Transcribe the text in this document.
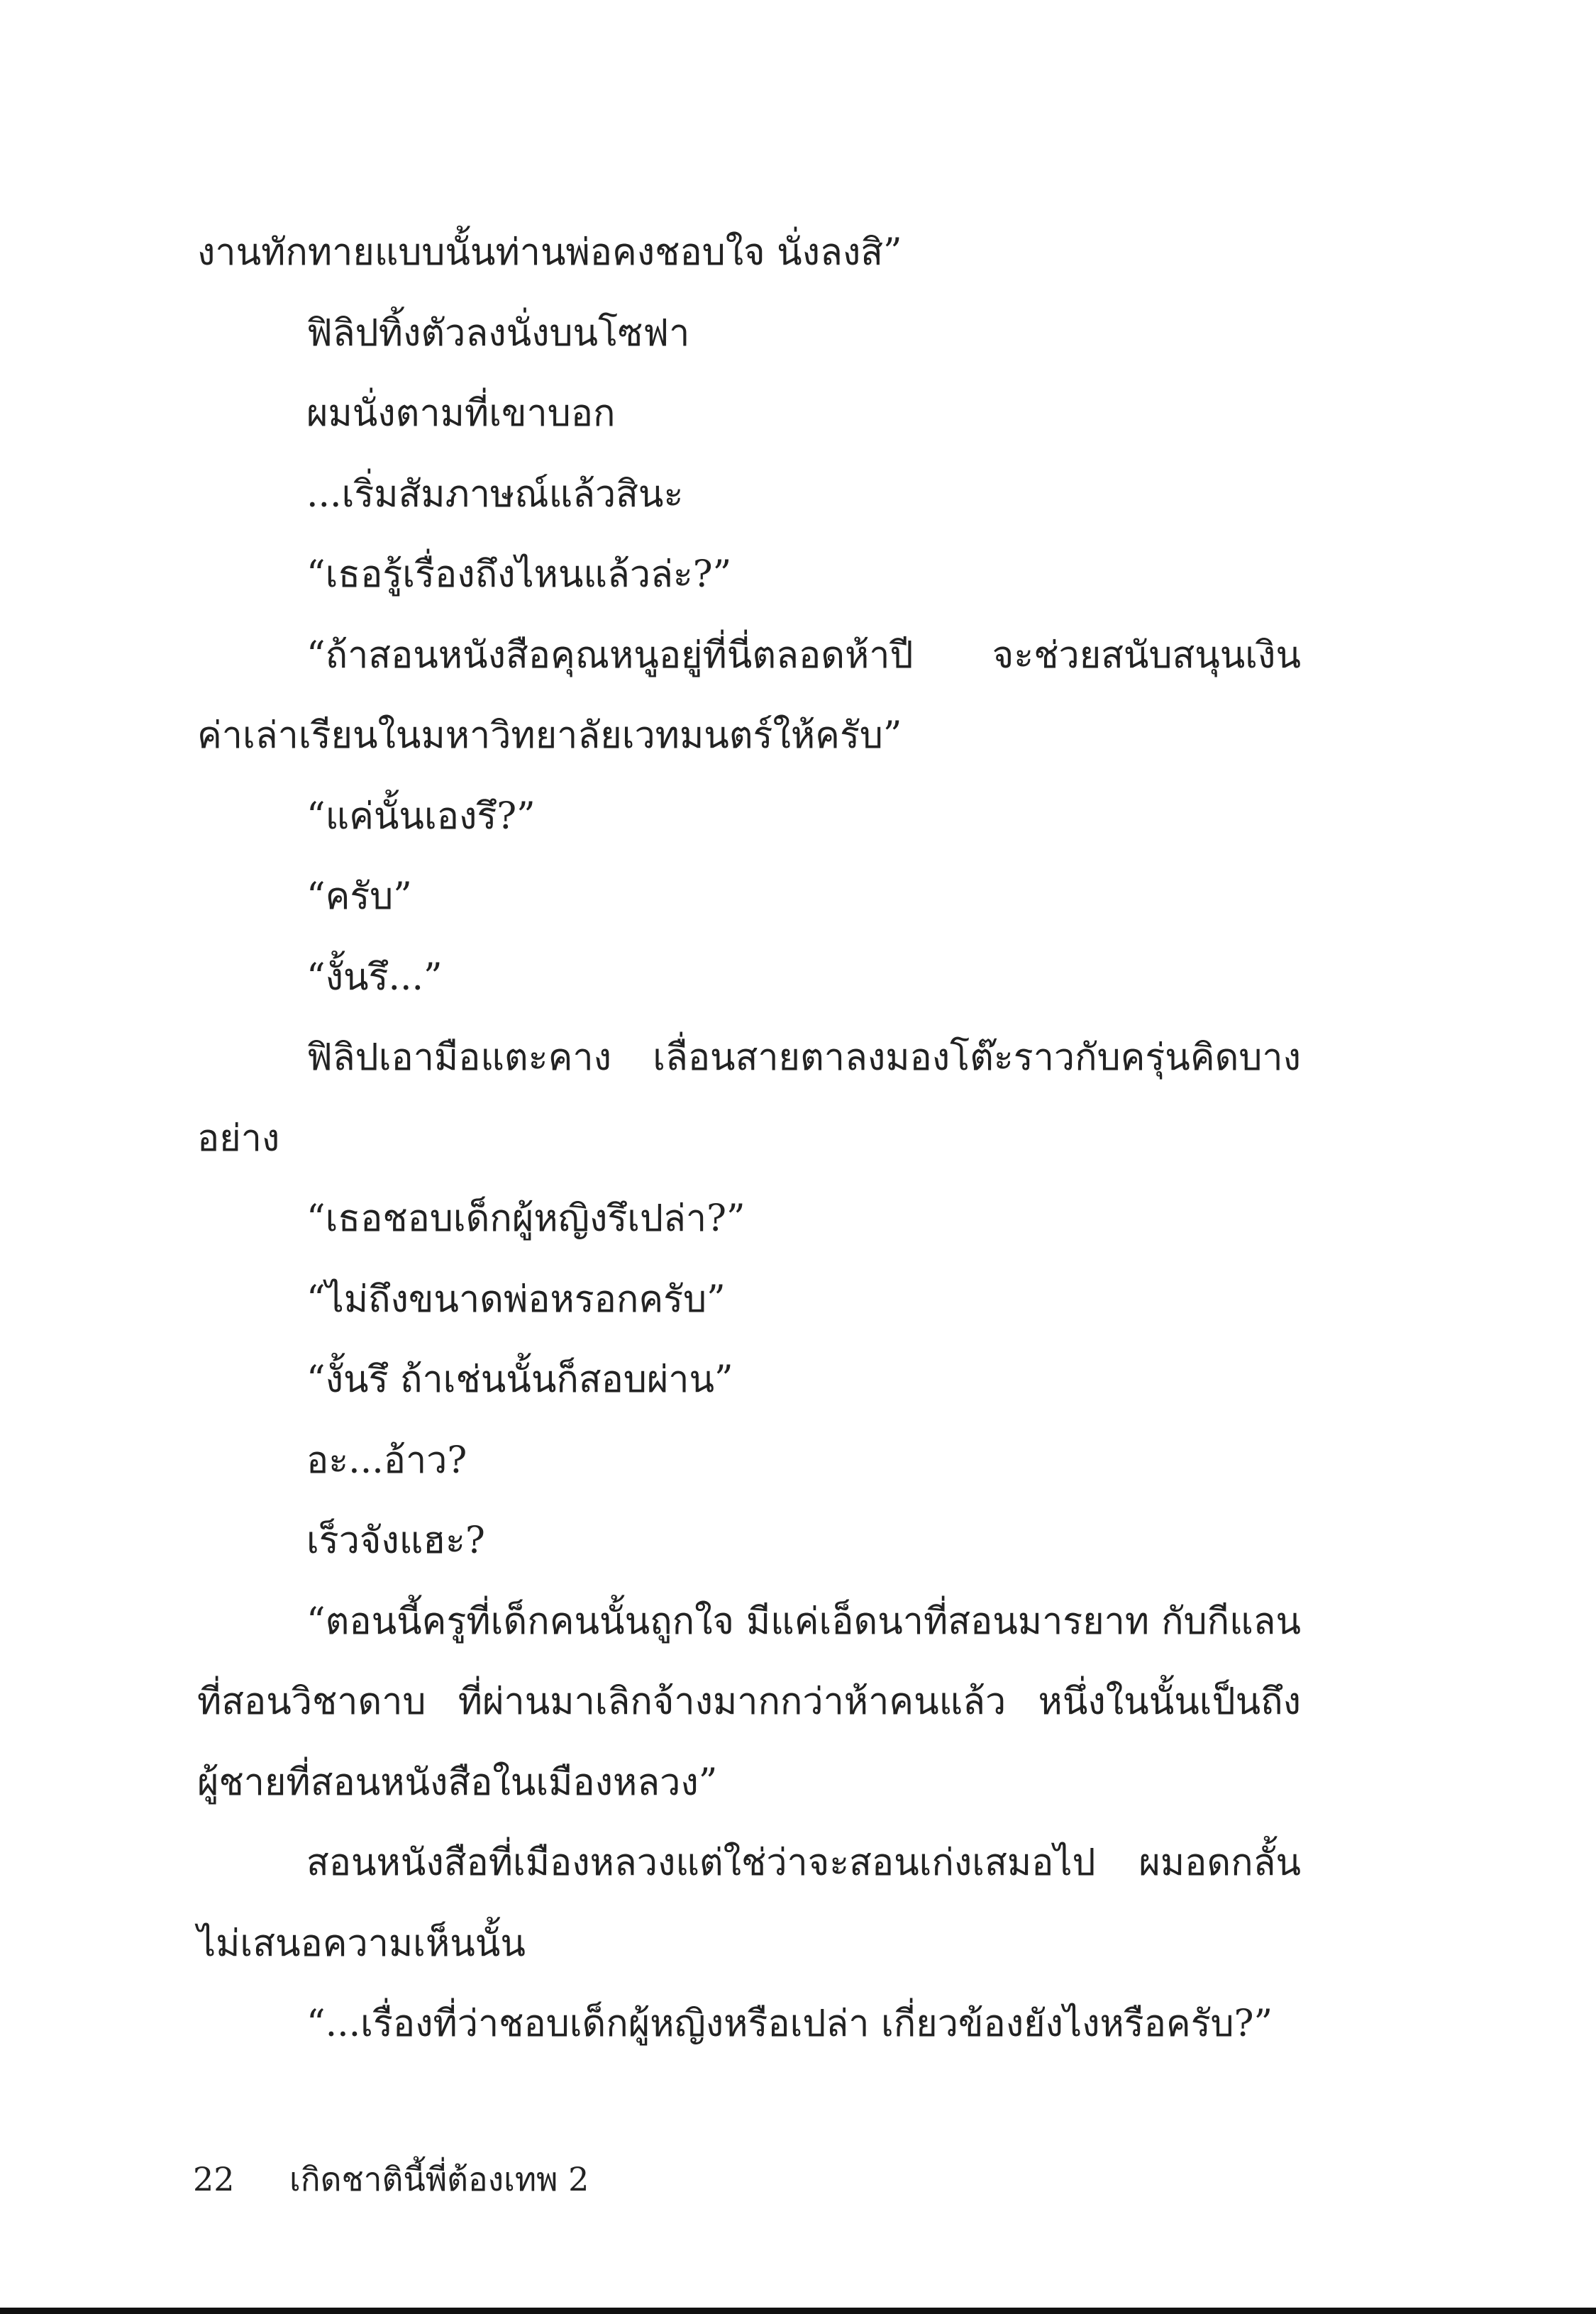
งานทักทายแบบนั้นท่านพ่อคงชอบใจ นั่งลงสิ”
ฟิลิปทิ้งตัวลงนั่งบนโซฟา
ผมนั่งตามที่เขาบอก
...เริ่มสัมภาษณ์แล้วสินะ
“เธอรู้เรื่องถึงไหนแล้วล่ะ?”
“ถ้าสอนหนังสือคุณหนูอยู่ที่นี่ตลอดห้าปี จะช่วยสนับสนุนเงิน
ค่าเล่าเรียนในมหาวิทยาลัยเวทมนตร์ให้ครับ”
“แค่นั้นเองรึ?”
“ครับ”
“งั้นรึ...”
ฟิลิปเอามือแตะคาง เลื่อนสายตาลงมองโต๊ะราวกับครุ่นคิดบาง
อย่าง
“เธอชอบเด็กผู้หญิงรึเปล่า?”
“ไม่ถึงขนาดพ่อหรอกครับ”
“งั้นรึ ถ้าเช่นนั้นก็สอบผ่าน”
อะ...อ้าว?
เร็วจังแฮะ?
“ตอนนี้ครูที่เด็กคนนั้นถูกใจ มีแค่เอ็ดนาที่สอนมารยาท กับกีแลน
ที่สอนวิชาดาบ ที่ผ่านมาเลิกจ้างมากกว่าห้าคนแล้ว หนึ่งในนั้นเป็นถึง
ผู้ชายที่สอนหนังสือในเมืองหลวง”
สอนหนังสือที่เมืองหลวงแต่ใช่ว่าจะสอนเก่งเสมอไป ผมอดกลั้น
ไม่เสนอความเห็นนั้น
“...เรื่องที่ว่าชอบเด็กผู้หญิงหรือเปล่า เกี่ยวข้องยังไงหรือครับ?”
22 เกิดชาตินี้พี่ต้องเทพ 2
